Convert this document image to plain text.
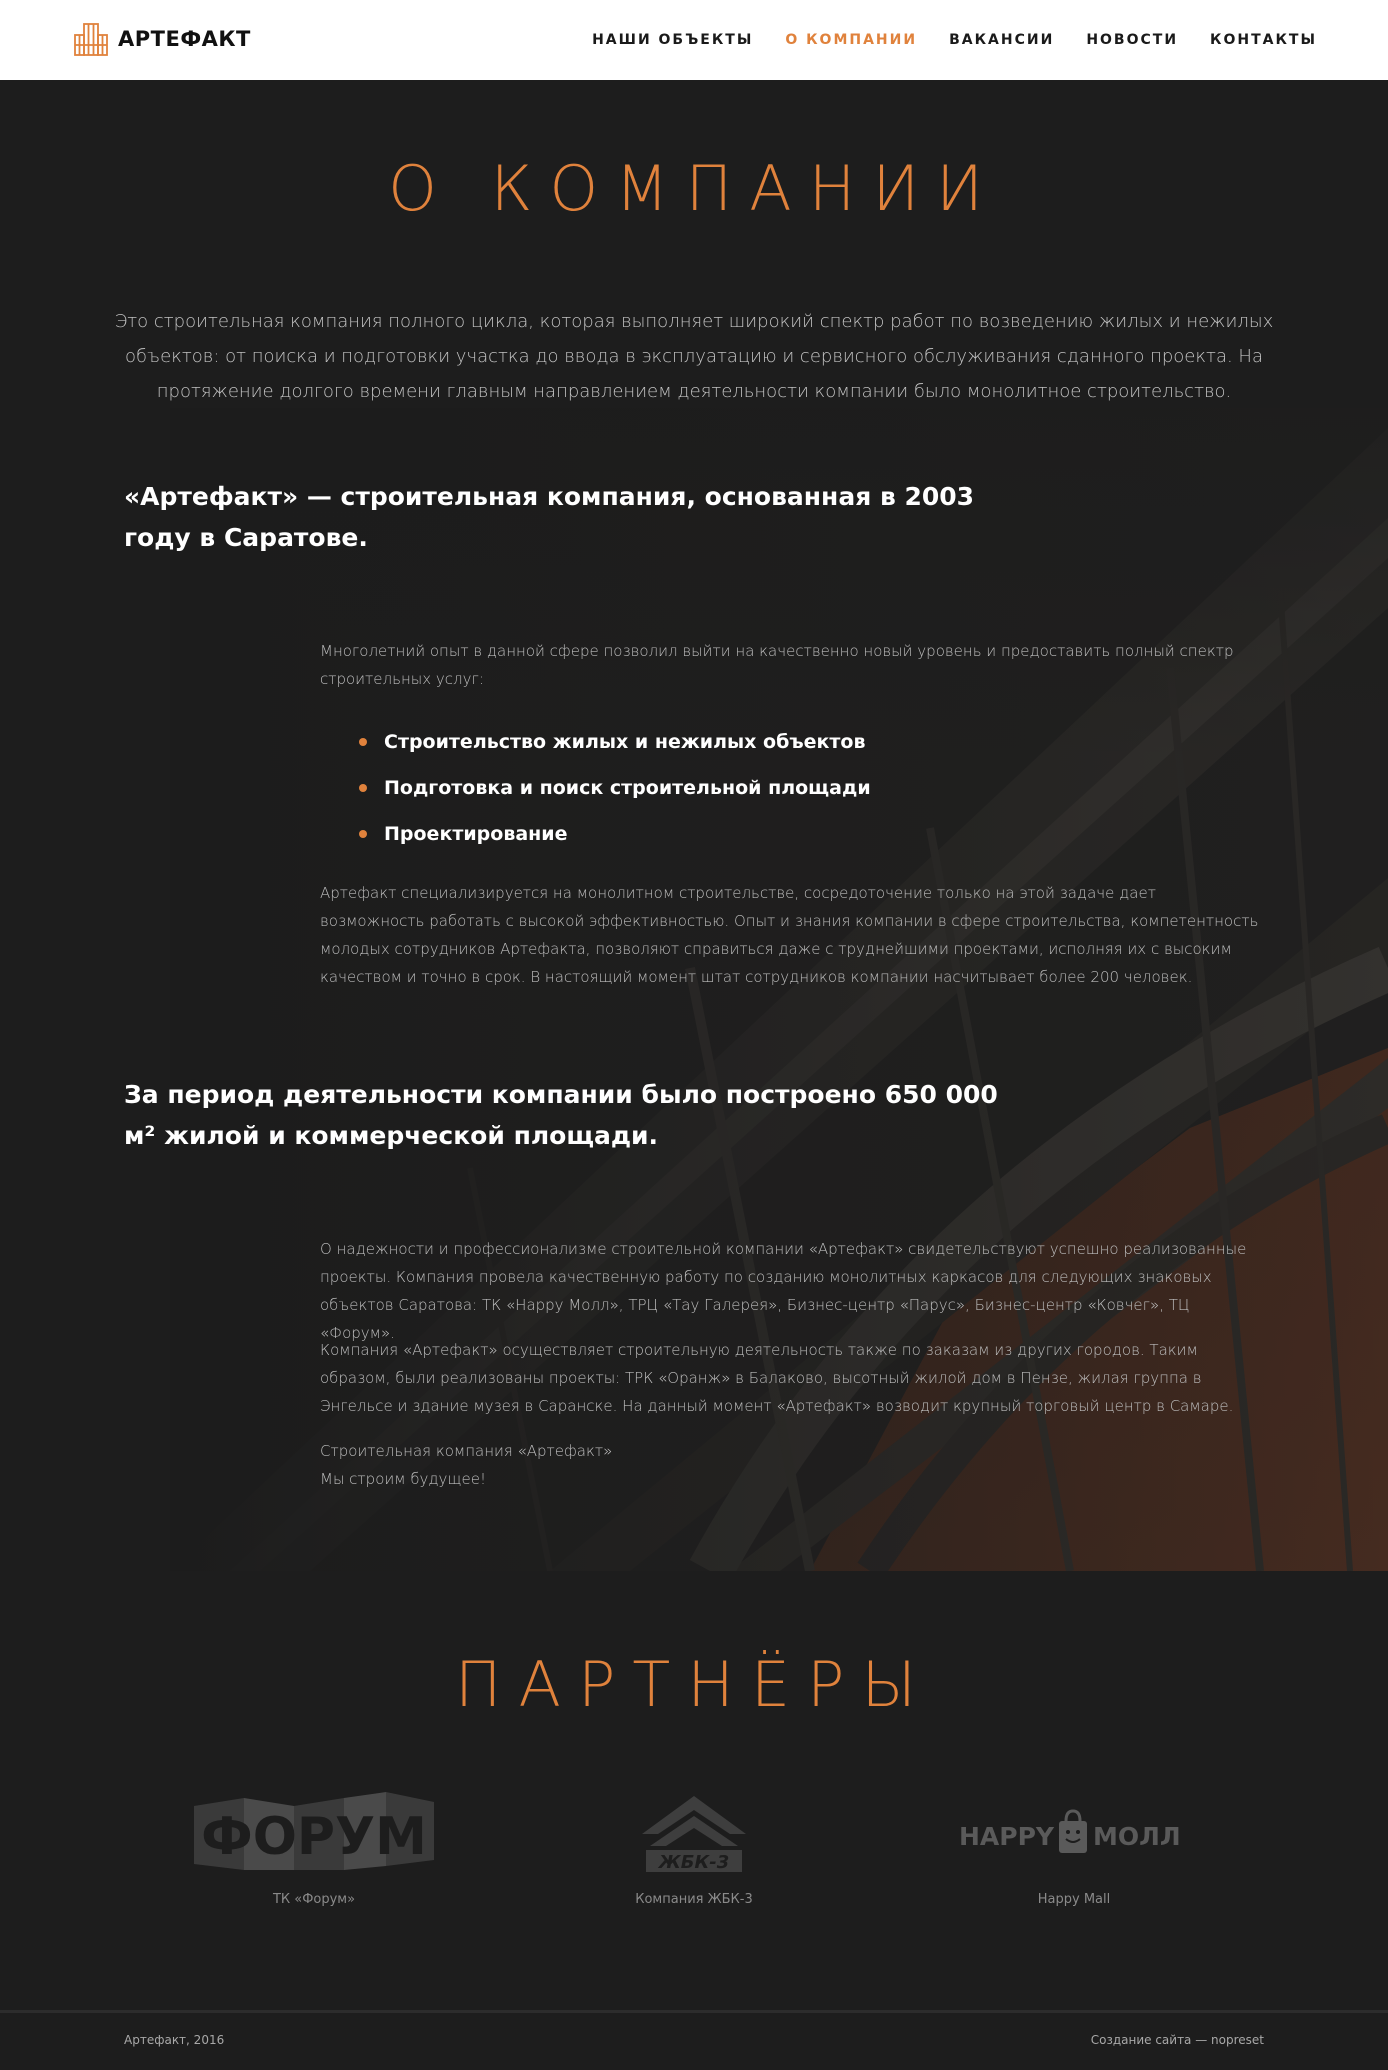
АРТЕФАКТ	НАШИ ОБЪЕКТЫ О КОМПАНИИ ВАКАНСИИ НОВОСТИ КОНТАКТЫ
О КОМПАНИИ

Это строительная компания полного цикла, которая выполняет широкий спектр работ по возведению жилых и нежилых объектов: от поиска и подготовки участка до ввода в эксплуатацию и сервисного обслуживания сданного проекта. На протяжение долгого времени главным направлением деятельности компании было монолитное строительство.

«Артефакт» — строительная компания, основанная в 2003 году в Саратове.

Многолетний опыт в данной сфере позволил выйти на качественно новый уровень и предоставить полный спектр строительных услуг:

Строительство жилых и нежилых объектов
Подготовка и поиск строительной площади
Проектирование

Артефакт специализируется на монолитном строительстве, сосредоточение только на этой задаче дает возможность работать с высокой эффективностью. Опыт и знания компании в сфере строительства, компетентность молодых сотрудников Артефакта, позволяют справиться даже с труднейшими проектами, исполняя их с высоким качеством и точно в срок. В настоящий момент штат сотрудников компании насчитывает более 200 человек.

За период деятельности компании было построено 650 000 м² жилой и коммерческой площади.

О надежности и профессионализме строительной компании «Артефакт» свидетельствуют успешно реализованные проекты. Компания провела качественную работу по созданию монолитных каркасов для следующих знаковых объектов Саратова: ТК «Happy Молл», ТРЦ «Тау Галерея», Бизнес-центр «Парус», Бизнес-центр «Ковчег», ТЦ «Форум».

Компания «Артефакт» осуществляет строительную деятельность также по заказам из других городов. Таким образом, были реализованы проекты: ТРК «Оранж» в Балаково, высотный жилой дом в Пензе, жилая группа в Энгельсе и здание музея в Саранске. На данный момент «Артефакт» возводит крупный торговый центр в Самаре.

Строительная компания «Артефакт»
Мы строим будущее!

ПАРТНЁРЫ
ФОРУМ
ТК «Форум»
ЖБК-3
Компания ЖБК-3
HAPPY МОЛЛ
Happy Mall
Артефакт, 2016	Создание сайта — nopreset
